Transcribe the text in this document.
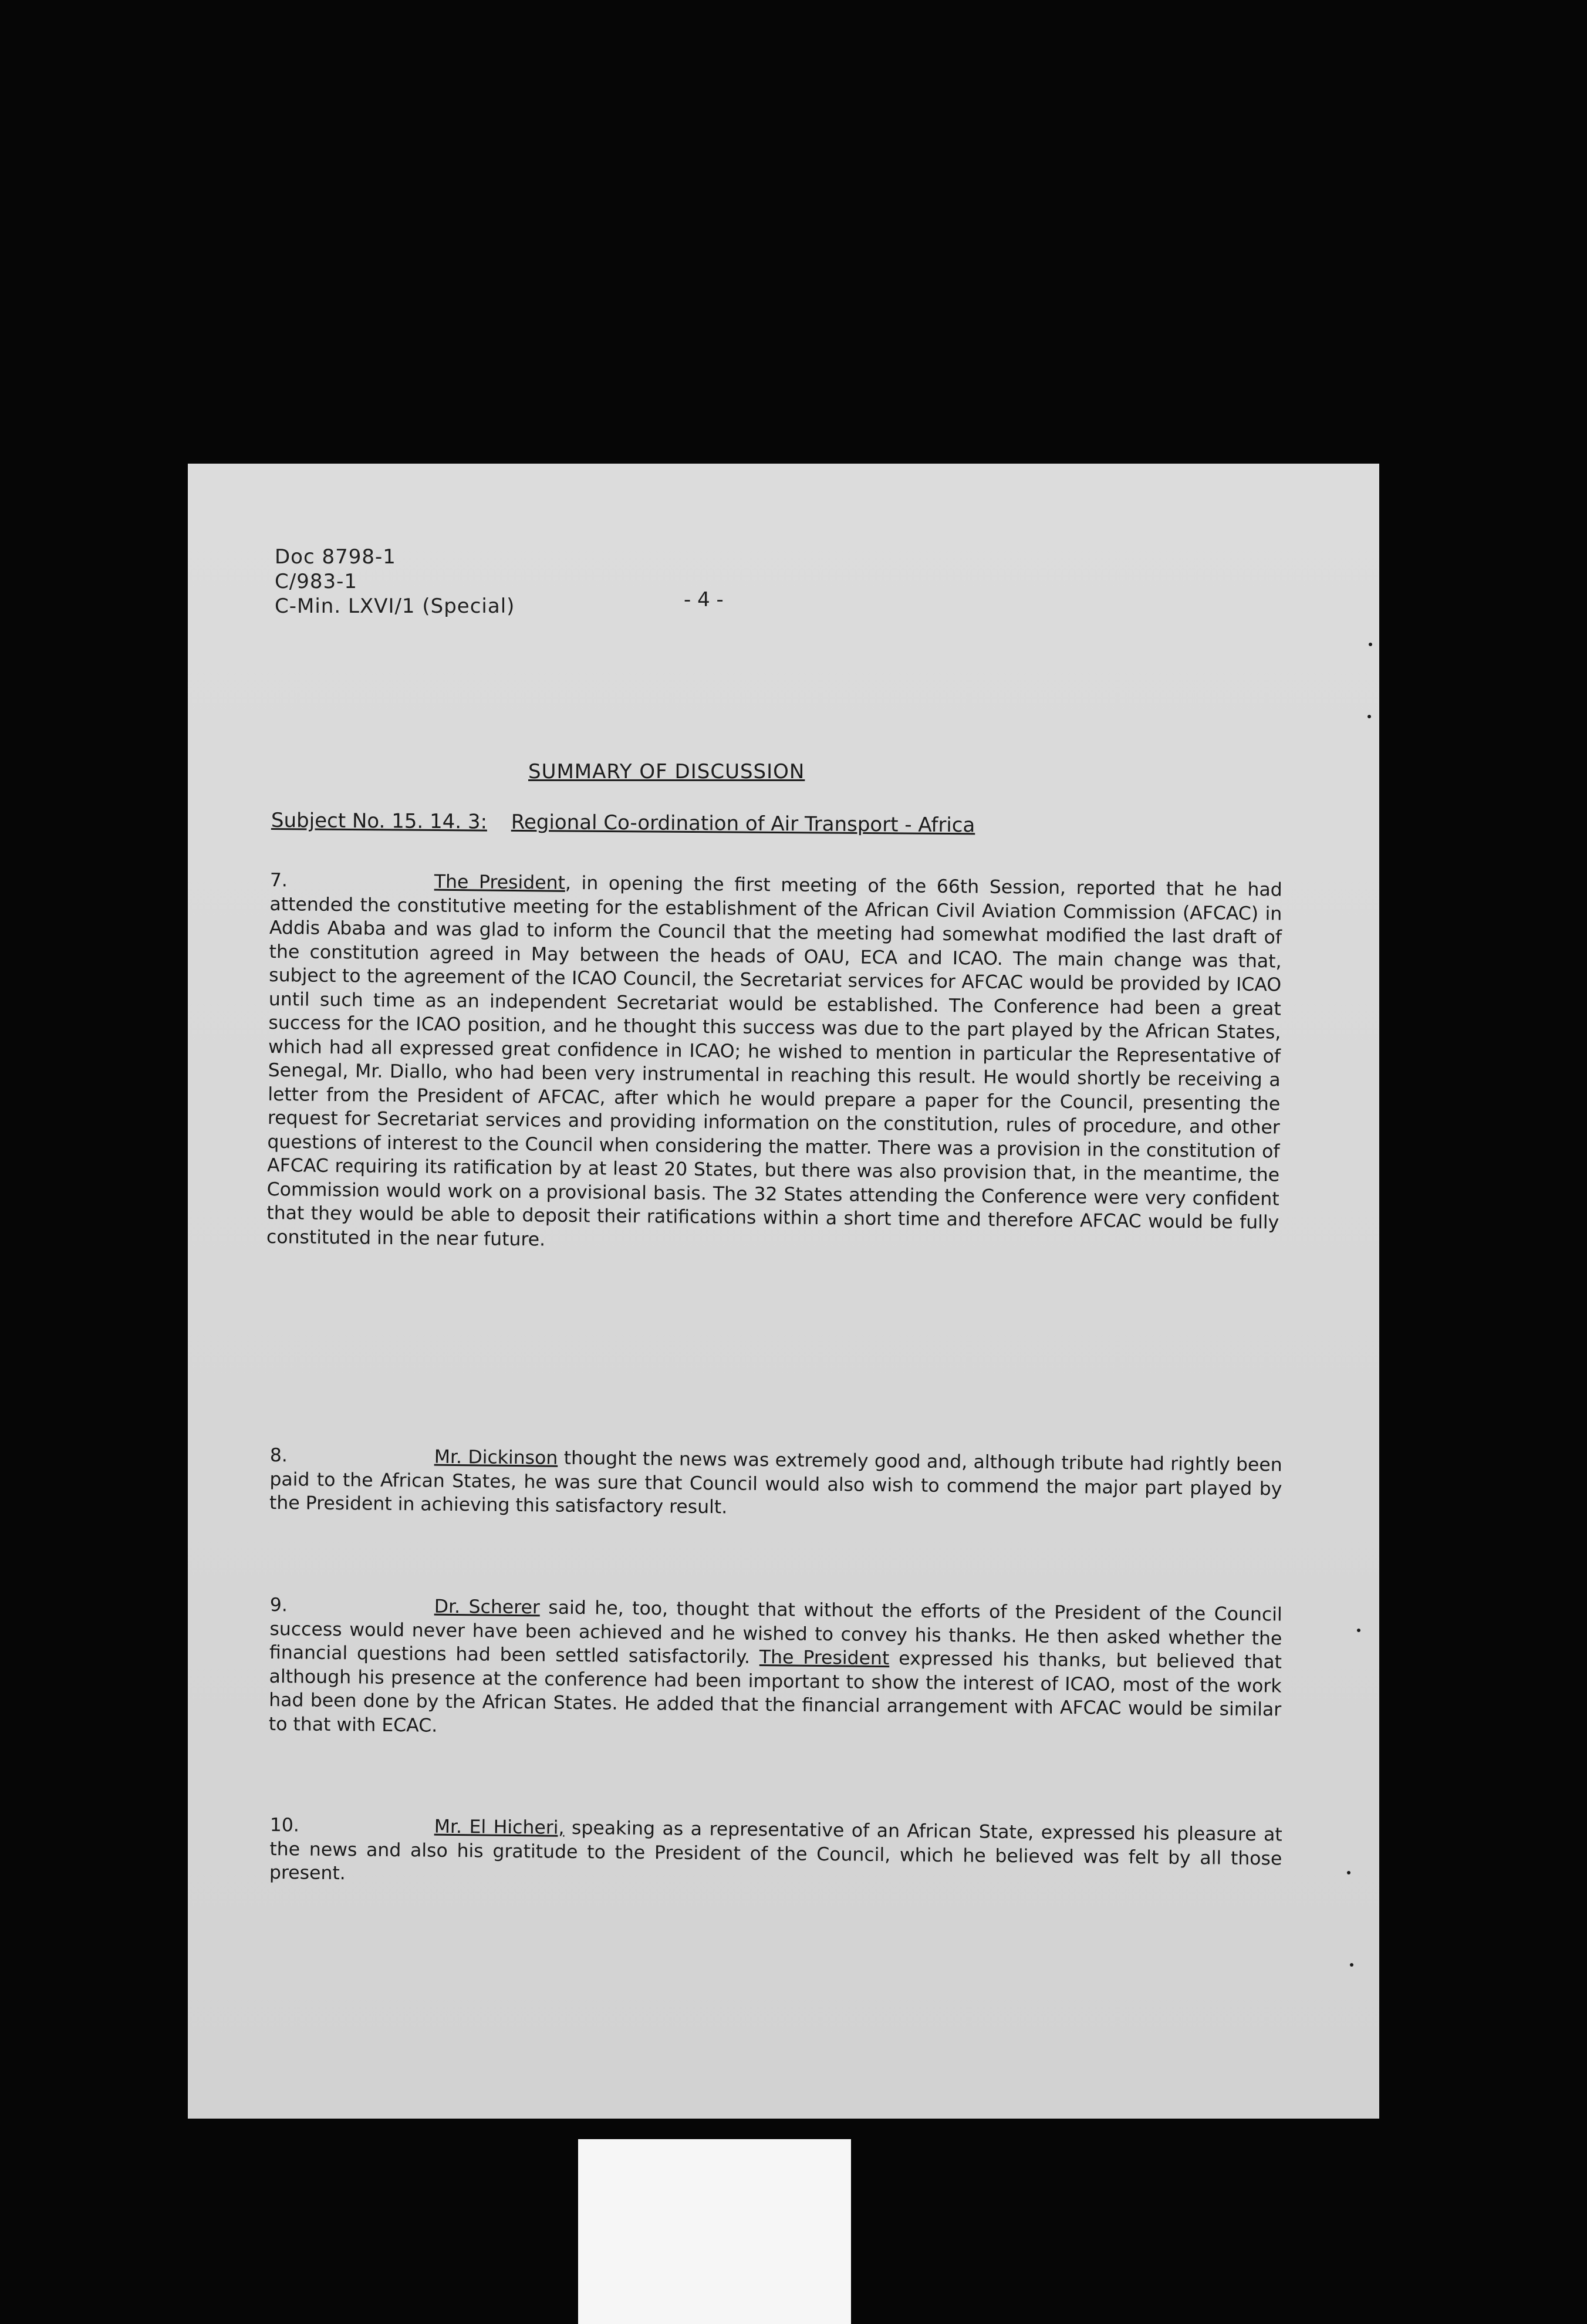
Doc 8798-1
C/983-1
C-Min. LXVI/1 (Special)	- 4 -
SUMMARY OF DISCUSSION
Subject No. 15. 14. 3: Regional Co-ordination of Air Transport - Africa
7.	The President, in opening the first meeting of the 66th Session, reported that he had attended the constitutive meeting for the establishment of the African Civil Aviation Commission (AFCAC) in Addis Ababa and was glad to inform the Council that the meeting had somewhat modified the last draft of the constitution agreed in May between the heads of OAU, ECA and ICAO. The main change was that, subject to the agreement of the ICAO Council, the Secretariat services for AFCAC would be provided by ICAO until such time as an independent Secretariat would be established. The Conference had been a great success for the ICAO position, and he thought this success was due to the part played by the African States, which had all expressed great confidence in ICAO; he wished to mention in particular the Representative of Senegal, Mr. Diallo, who had been very instrumental in reaching this result. He would shortly be receiving a letter from the President of AFCAC, after which he would prepare a paper for the Council, presenting the request for Secretariat services and providing information on the constitution, rules of procedure, and other questions of interest to the Council when considering the matter. There was a provision in the constitution of AFCAC requiring its ratification by at least 20 States, but there was also provision that, in the meantime, the Commission would work on a provisional basis. The 32 States attending the Conference were very confident that they would be able to deposit their ratifications within a short time and therefore AFCAC would be fully constituted in the near future.
8.	Mr. Dickinson thought the news was extremely good and, although tribute had rightly been paid to the African States, he was sure that Council would also wish to commend the major part played by the President in achieving this satisfactory result.
9.	Dr. Scherer said he, too, thought that without the efforts of the President of the Council success would never have been achieved and he wished to convey his thanks. He then asked whether the financial questions had been settled satisfactorily. The President expressed his thanks, but believed that although his presence at the conference had been important to show the interest of ICAO, most of the work had been done by the African States. He added that the financial arrangement with AFCAC would be similar to that with ECAC.
10.	Mr. El Hicheri, speaking as a representative of an African State, expressed his pleasure at the news and also his gratitude to the President of the Council, which he believed was felt by all those present.
